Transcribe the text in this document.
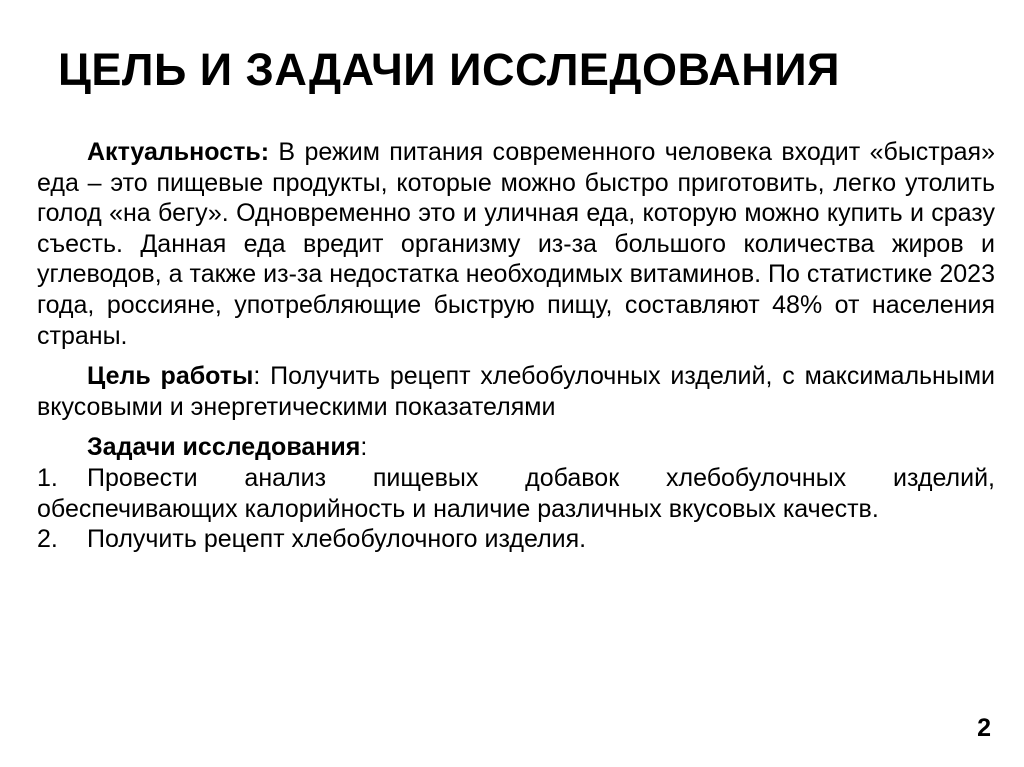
ЦЕЛЬ И ЗАДАЧИ ИССЛЕДОВАНИЯ

Актуальность: В режим питания современного человека входит «быстрая» еда – это пищевые продукты, которые можно быстро приготовить, легко утолить голод «на бегу». Одновременно это и уличная еда, которую можно купить и сразу съесть. Данная еда вредит организму из-за большого количества жиров и углеводов, а также из-за недостатка необходимых витаминов. По статистике 2023 года, россияне, употребляющие быструю пищу, составляют 48% от населения страны.

Цель работы: Получить рецепт хлебобулочных изделий, с максимальными вкусовыми и энергетическими показателями

Задачи исследования:

1. Провести анализ пищевых добавок хлебобулочных изделий, обеспечивающих калорийность и наличие различных вкусовых качеств.
2. Получить рецепт хлебобулочного изделия.
2
